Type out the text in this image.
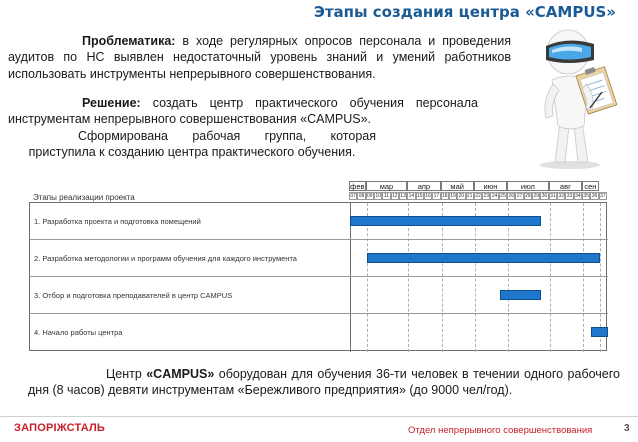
Этапы создания центра «CAMPUS»
Проблематика: в ходе регулярных опросов персонала и проведения аудитов по НС выявлен недостаточный уровень знаний и умений работников использовать инструменты непрерывного совершенствования.
Решение: создать центр практического обучения персонала инструментам непрерывного совершенствования «CAMPUS».
Сформирована рабочая группа, которая
приступила к созданию центра практического обучения.
Этапы реализации проекта
фев	мар	апр	май	июн	июл	авг	сен
07 08 09 10 11 12 13 14 15 16 17 18 19 20 21 22 23 24 25 26 27 28 29 30 31 32 33 34 35 36 37
1. Разработка проекта и подготовка помещений
2. Разработка методологии и программ обучения для каждого инструмента
3. Отбор и подготовка преподавателей в центр CAMPUS
4. Начало работы центра
Центр «CAMPUS» оборудован для обучения 36-ти человек в течении одного рабочего дня (8 часов) девяти инструментам «Бережливого предприятия» (до 9000 чел/год).
ЗАПОРІЖСТАЛЬ	Отдел непрерывного совершенствования	3
